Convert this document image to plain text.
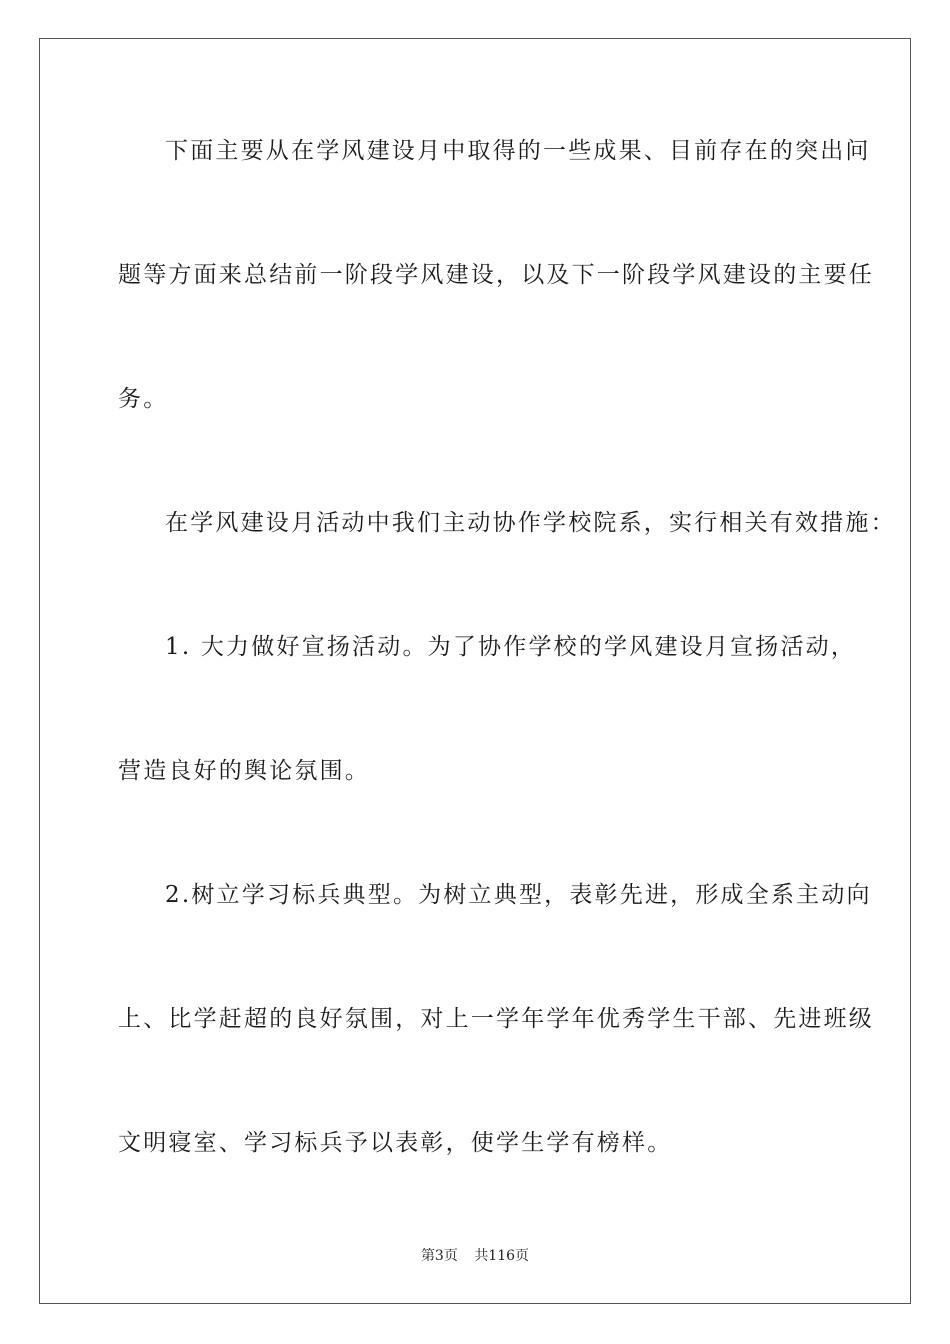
下面主要从在学风建设月中取得的一些成果、目前存在的突出问
题等方面来总结前一阶段学风建设，以及下一阶段学风建设的主要任
务。
在学风建设月活动中我们主动协作学校院系，实行相关有效措施：
1. 大力做好宣扬活动。为了协作学校的学风建设月宣扬活动，
营造良好的舆论氛围。
2.树立学习标兵典型。为树立典型，表彰先进，形成全系主动向
上、比学赶超的良好氛围，对上一学年学年优秀学生干部、先进班级
文明寝室、学习标兵予以表彰，使学生学有榜样。
第3页 共116页
